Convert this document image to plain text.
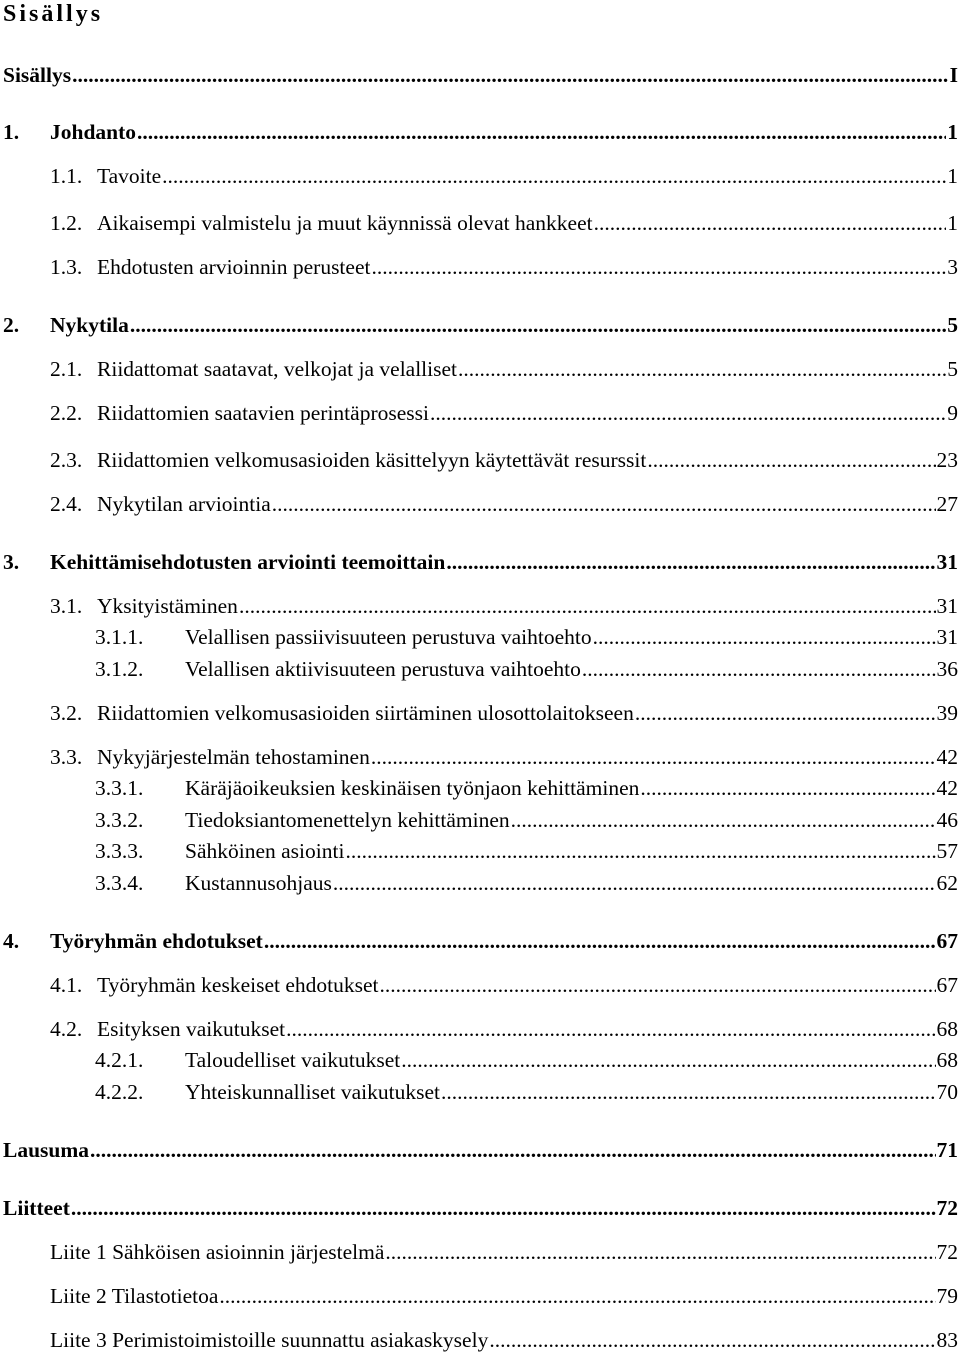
Sisällys
Sisällys .....	I
1.	Johdanto .....	1
1.1. Tavoite .....	1
1.2. Aikaisempi valmistelu ja muut käynnissä olevat hankkeet .....	1
1.3. Ehdotusten arvioinnin perusteet .....	3
2.	Nykytila .....	5
2.1. Riidattomat saatavat, velkojat ja velalliset .....	5
2.2. Riidattomien saatavien perintäprosessi .....	9
2.3. Riidattomien velkomusasioiden käsittelyyn käytettävät resurssit .....	23
2.4. Nykytilan arviointia .....	27
3.	Kehittämisehdotusten arviointi teemoittain .....	31
3.1. Yksityistäminen .....	31
3.1.1.	Velallisen passiivisuuteen perustuva vaihtoehto .....	31
3.1.2.	Velallisen aktiivisuuteen perustuva vaihtoehto .....	36
3.2. Riidattomien velkomusasioiden siirtäminen ulosottolaitokseen .....	39
3.3. Nykyjärjestelmän tehostaminen .....	42
3.3.1.	Käräjäoikeuksien keskinäisen työnjaon kehittäminen .....	42
3.3.2.	Tiedoksiantomenettelyn kehittäminen .....	46
3.3.3.	Sähköinen asiointi .....	57
3.3.4.	Kustannusohjaus .....	62
4.	Työryhmän ehdotukset .....	67
4.1. Työryhmän keskeiset ehdotukset .....	67
4.2. Esityksen vaikutukset .....	68
4.2.1.	Taloudelliset vaikutukset .....	68
4.2.2.	Yhteiskunnalliset vaikutukset .....	70
Lausuma .....	71
Liitteet .....	72
Liite 1 Sähköisen asioinnin järjestelmä .....	72
Liite 2 Tilastotietoa .....	79
Liite 3 Perimistoimistoille suunnattu asiakaskysely .....	83
